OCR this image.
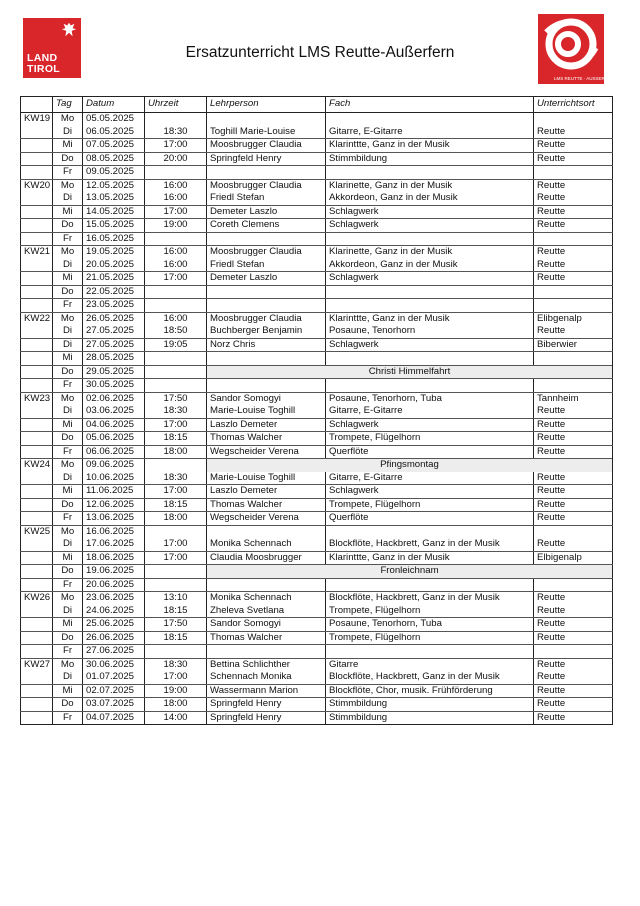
LAND
TIROL
LMS REUTTE · AUSSERFERN
Ersatzunterricht LMS Reutte-Außerfern
	Tag	Datum	Uhrzeit	Lehrperson	Fach	Unterrichtsort	
KW19	Mo	05.05.2025					
	Di	06.05.2025	18:30	Toghill Marie-Louise	Gitarre, E-Gitarre	Reutte	
	Mi	07.05.2025	17:00	Moosbrugger Claudia	Klarinttte, Ganz in der Musik	Reutte	
	Do	08.05.2025	20:00	Springfeld Henry	Stimmbildung	Reutte	
	Fr	09.05.2025					
KW20	Mo	12.05.2025	16:00	Moosbrugger Claudia	Klarinette, Ganz in der Musik	Reutte	
	Di	13.05.2025	16:00	Friedl Stefan	Akkordeon, Ganz in der Musik	Reutte	
	Mi	14.05.2025	17:00	Demeter Laszlo	Schlagwerk	Reutte	
	Do	15.05.2025	19:00	Coreth Clemens	Schlagwerk	Reutte	
	Fr	16.05.2025					
KW21	Mo	19.05.2025	16:00	Moosbrugger Claudia	Klarinette, Ganz in der Musik	Reutte	
	Di	20.05.2025	16:00	Friedl Stefan	Akkordeon, Ganz in der Musik	Reutte	
	Mi	21.05.2025	17:00	Demeter Laszlo	Schlagwerk	Reutte	
	Do	22.05.2025					
	Fr	23.05.2025					
KW22	Mo	26.05.2025	16:00	Moosbrugger Claudia	Klarinttte, Ganz in der Musik	Elibgenalp	
	Di	27.05.2025	18:50	Buchberger Benjamin	Posaune, Tenorhorn	Reutte	
	Di	27.05.2025	19:05	Norz Chris	Schlagwerk	Biberwier	
	Mi	28.05.2025					
	Do	29.05.2025		Christi Himmelfahrt			
	Fr	30.05.2025					
KW23	Mo	02.06.2025	17:50	Sandor Somogyi	Posaune, Tenorhorn, Tuba	Tannheim	
	Di	03.06.2025	18:30	Marie-Louise Toghill	Gitarre, E-Gitarre	Reutte	
	Mi	04.06.2025	17:00	Laszlo Demeter	Schlagwerk	Reutte	
	Do	05.06.2025	18:15	Thomas Walcher	Trompete, Flügelhorn	Reutte	
	Fr	06.06.2025	18:00	Wegscheider Verena	Querflöte	Reutte	
KW24	Mo	09.06.2025		Pfingsmontag			
	Di	10.06.2025	18:30	Marie-Louise Toghill	Gitarre, E-Gitarre	Reutte	
	Mi	11.06.2025	17:00	Laszlo Demeter	Schlagwerk	Reutte	
	Do	12.06.2025	18:15	Thomas Walcher	Trompete, Flügelhorn	Reutte	
	Fr	13.06.2025	18:00	Wegscheider Verena	Querflöte	Reutte	
KW25	Mo	16.06.2025					
	Di	17.06.2025	17:00	Monika Schennach	Blockflöte, Hackbrett, Ganz in der Musik	Reutte	
	Mi	18.06.2025	17:00	Claudia Moosbrugger	Klarinttte, Ganz in der Musik	Elbigenalp	
	Do	19.06.2025		Fronleichnam			
	Fr	20.06.2025					
KW26	Mo	23.06.2025	13:10	Monika Schennach	Blockflöte, Hackbrett, Ganz in der Musik	Reutte	
	Di	24.06.2025	18:15	Zheleva Svetlana	Trompete, Flügelhorn	Reutte	
	Mi	25.06.2025	17:50	Sandor Somogyi	Posaune, Tenorhorn, Tuba	Reutte	
	Do	26.06.2025	18:15	Thomas Walcher	Trompete, Flügelhorn	Reutte	
	Fr	27.06.2025					
KW27	Mo	30.06.2025	18:30	Bettina Schlichther	Gitarre	Reutte	
	Di	01.07.2025	17:00	Schennach Monika	Blockflöte, Hackbrett, Ganz in der Musik	Reutte	
	Mi	02.07.2025	19:00	Wassermann Marion	Blockflöte, Chor, musik. Frühförderung	Reutte	
	Do	03.07.2025	18:00	Springfeld Henry	Stimmbildung	Reutte	
	Fr	04.07.2025	14:00	Springfeld Henry	Stimmbildung	Reutte	
